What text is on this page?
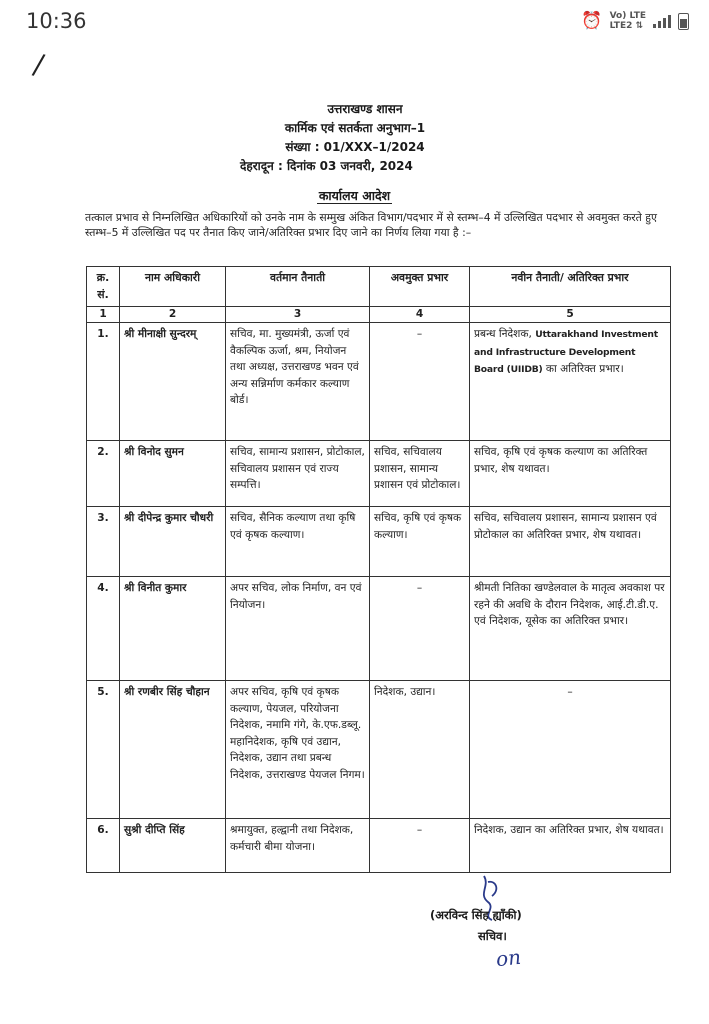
10:36	⏰ Vo) LTE
LTE2 ⇅
/
उत्तराखण्ड शासन
कार्मिक एवं सतर्कता अनुभाग–1
संख्या : 01/XXX–1/2024
देहरादून : दिनांक 03 जनवरी, 2024
कार्यालय आदेश
तत्काल प्रभाव से निम्नलिखित अधिकारियों को उनके नाम के सम्मुख अंकित विभाग/पदभार में से स्तम्भ–4 में उल्लिखित पदभार से अवमुक्त करते हुए स्तम्भ–5 में उल्लिखित पद पर तैनात किए जाने/अतिरिक्त प्रभार दिए जाने का निर्णय लिया गया है :–
क्र. सं.	नाम अधिकारी	वर्तमान तैनाती	अवमुक्त प्रभार	नवीन तैनाती/ अतिरिक्त प्रभार
1	2	3	4	5
1.	श्री मीनाक्षी सुन्दरम्	सचिव, मा. मुख्यमंत्री, ऊर्जा एवं वैकल्पिक ऊर्जा, श्रम, नियोजन तथा अध्यक्ष, उत्तराखण्ड भवन एवं अन्य सन्निर्माण कर्मकार कल्याण बोर्ड।	–	प्रबन्ध निदेशक, Uttarakhand Investment and Infrastructure Development Board (UIIDB) का अतिरिक्त प्रभार।
2.	श्री विनोद सुमन	सचिव, सामान्य प्रशासन, प्रोटोकाल, सचिवालय प्रशासन एवं राज्य सम्पत्ति।	सचिव, सचिवालय प्रशासन, सामान्य प्रशासन एवं प्रोटोकाल।	सचिव, कृषि एवं कृषक कल्याण का अतिरिक्त प्रभार, शेष यथावत।
3.	श्री दीपेन्द्र कुमार चौधरी	सचिव, सैनिक कल्याण तथा कृषि एवं कृषक कल्याण।	सचिव, कृषि एवं कृषक कल्याण।	सचिव, सचिवालय प्रशासन, सामान्य प्रशासन एवं प्रोटोकाल का अतिरिक्त प्रभार, शेष यथावत।
4.	श्री विनीत कुमार	अपर सचिव, लोक निर्माण, वन एवं नियोजन।	–	श्रीमती नितिका खण्डेलवाल के मातृत्व अवकाश पर रहने की अवधि के दौरान निदेशक, आई.टी.डी.ए. एवं निदेशक, यूसेक का अतिरिक्त प्रभार।
5.	श्री रणबीर सिंह चौहान	अपर सचिव, कृषि एवं कृषक कल्याण, पेयजल, परियोजना निदेशक, नमामि गंगे, के.एफ.डब्लू. महानिदेशक, कृषि एवं उद्यान, निदेशक, उद्यान तथा प्रबन्ध निदेशक, उत्तराखण्ड पेयजल निगम।	निदेशक, उद्यान।	–
6.	सुश्री दीप्ति सिंह	श्रमायुक्त, हल्द्वानी तथा निदेशक, कर्मचारी बीमा योजना।	–	निदेशक, उद्यान का अतिरिक्त प्रभार, शेष यथावत।
(अरविन्द सिंह ह्याँकी)
सचिव।
on
